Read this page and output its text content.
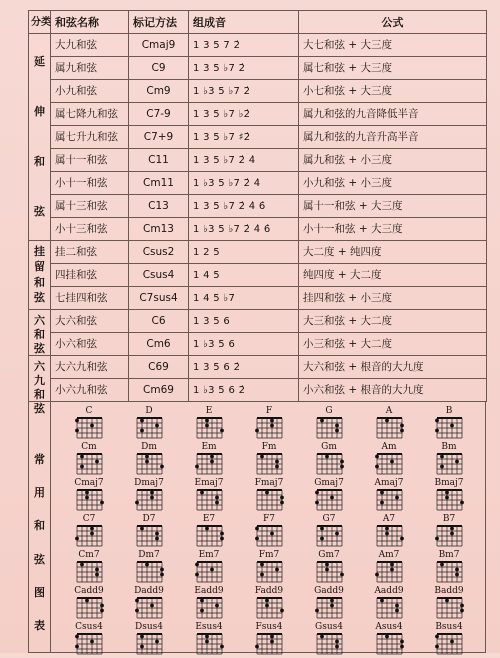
分类	和弦名称	标记方法	组成音	公式

延
伸
和
弦	大九和弦	Cmaj9	1 3 5 7 2̇	大七和弦 + 大三度
	属九和弦	C9	1 3 5 ♭7 2̇	属七和弦 + 大三度
	小九和弦	Cm9	1 ♭3 5 ♭7 2̇	小七和弦 + 大三度
	属七降九和弦	C7-9	1 3 5 ♭7 ♭2̇	属九和弦的九音降低半音
	属七升九和弦	C7+9	1 3 5 ♭7 ♯2̇	属九和弦的九音升高半音
	属十一和弦	C11	1 3 5 ♭7 2̇ 4̇	属九和弦 + 小三度
	小十一和弦	Cm11	1 ♭3 5 ♭7 2̇ 4̇	小九和弦 + 小三度
	属十三和弦	C13	1 3 5 ♭7 2̇ 4̇ 6̇	属十一和弦 + 大三度
	小十三和弦	Cm13	1 ♭3 5 ♭7 2̇ 4̇ 6̇	小十一和弦 + 大三度

挂
留
和
弦	挂二和弦	Csus2	1 2 5	大二度 + 纯四度
	四挂和弦	Csus4	1 4 5	纯四度 + 大二度
	七挂四和弦	C7sus4	1 4 5 ♭7	挂四和弦 + 小三度

六
和
弦	大六和弦	C6	1 3 5 6	大三和弦 + 大二度
	小六和弦	Cm6	1 ♭3 5 6	小三和弦 + 大二度

六
九
和
弦	大六九和弦	C69	1 3 5 6 2̇	大六和弦 + 根音的大九度
	小六九和弦	Cm69	1 ♭3 5 6 2̇	小六和弦 + 根音的大九度
常
用
和
弦
图
表
C	D	E	F	G	A	B
Cm	Dm	Em	Fm	Gm	Am	Bm
Cmaj7	Dmaj7	Emaj7	Fmaj7	Gmaj7	Amaj7	Bmaj7
C7	D7	E7	F7	G7	A7	B7
Cm7	Dm7	Em7	Fm7	Gm7	Am7	Bm7
Cadd9	Dadd9	Eadd9	Fadd9	Gadd9	Aadd9	Badd9
Csus4	Dsus4	Esus4	Fsus4	Gsus4	Asus4	Bsus4
